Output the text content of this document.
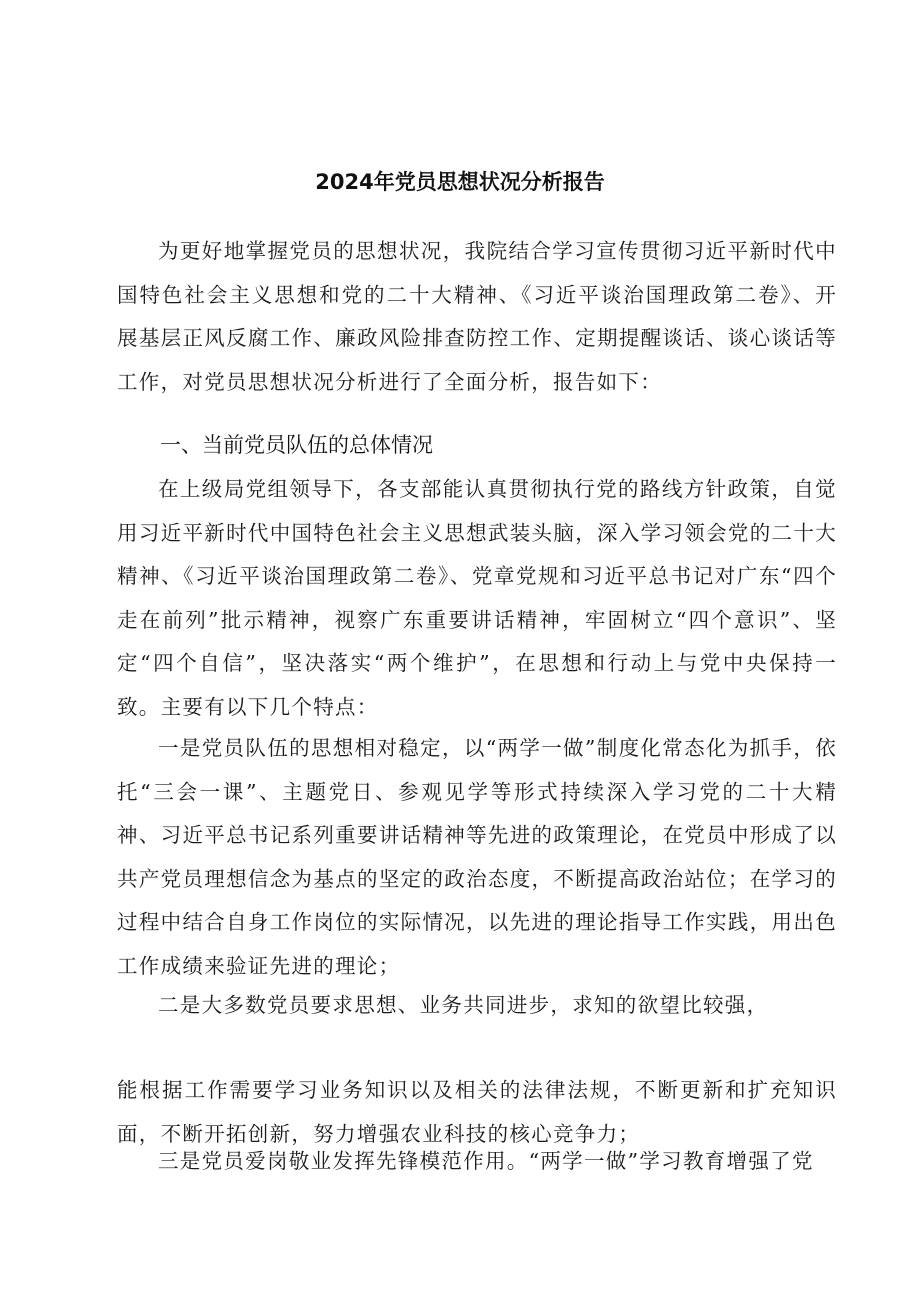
2024年党员思想状况分析报告

为更好地掌握党员的思想状况，我院结合学习宣传贯彻习近平新时代中国特色社会主义思想和党的二十大精神、《习近平谈治国理政第二卷》、开展基层正风反腐工作、廉政风险排查防控工作、定期提醒谈话、谈心谈话等工作，对党员思想状况分析进行了全面分析，报告如下：

一、当前党员队伍的总体情况

在上级局党组领导下，各支部能认真贯彻执行党的路线方针政策，自觉用习近平新时代中国特色社会主义思想武装头脑，深入学习领会党的二十大精神、《习近平谈治国理政第二卷》、党章党规和习近平总书记对广东“四个走在前列”批示精神，视察广东重要讲话精神，牢固树立“四个意识”、坚定“四个自信”，坚决落实“两个维护”，在思想和行动上与党中央保持一致。主要有以下几个特点：

一是党员队伍的思想相对稳定，以“两学一做”制度化常态化为抓手，依托“三会一课”、主题党日、参观见学等形式持续深入学习党的二十大精神、习近平总书记系列重要讲话精神等先进的政策理论，在党员中形成了以共产党员理想信念为基点的坚定的政治态度，不断提高政治站位；在学习的过程中结合自身工作岗位的实际情况，以先进的理论指导工作实践，用出色工作成绩来验证先进的理论；

二是大多数党员要求思想、业务共同进步，求知的欲望比较强，

能根据工作需要学习业务知识以及相关的法律法规，不断更新和扩充知识面，不断开拓创新，努力增强农业科技的核心竞争力；

三是党员爱岗敬业发挥先锋模范作用。“两学一做”学习教育增强了党
